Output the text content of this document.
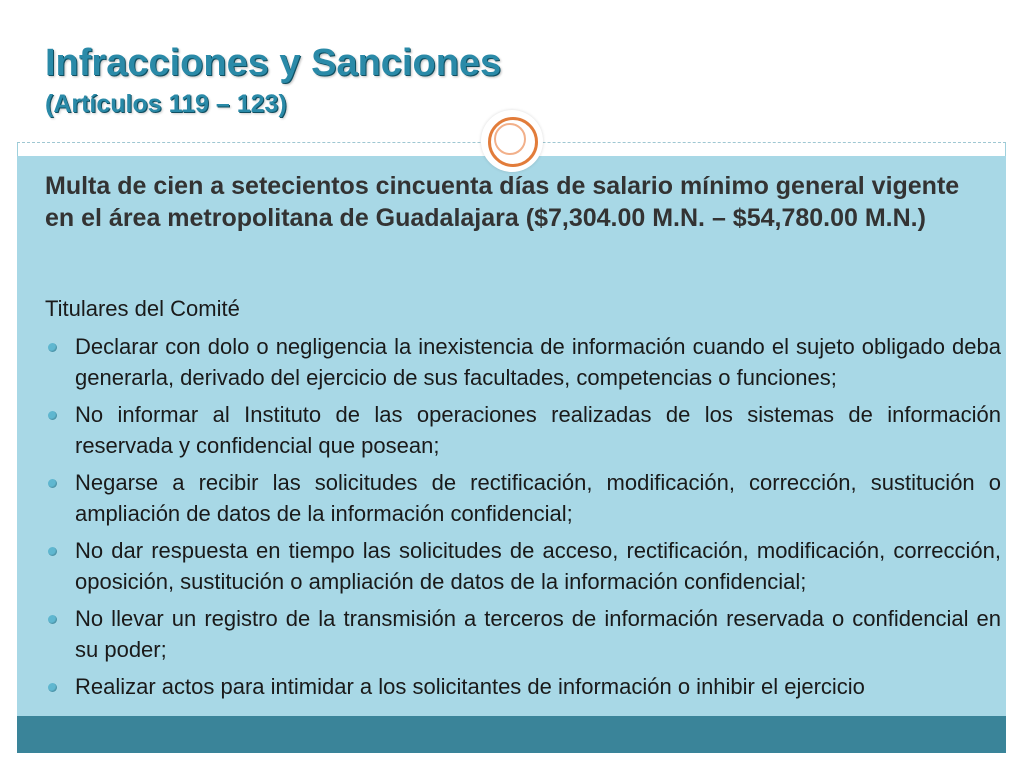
Infracciones y Sanciones
(Artículos 119 – 123)

Multa de cien a setecientos cincuenta días de salario mínimo general vigente en el área metropolitana de Guadalajara ($7,304.00 M.N. – $54,780.00 M.N.)

Titulares del Comité

Declarar con dolo o negligencia la inexistencia de información cuando el sujeto obligado deba generarla, derivado del ejercicio de sus facultades, competencias o funciones;
No informar al Instituto de las operaciones realizadas de los sistemas de información reservada y confidencial que posean;
Negarse a recibir las solicitudes de rectificación, modificación, corrección, sustitución o ampliación de datos de la información confidencial;
No dar respuesta en tiempo las solicitudes de acceso, rectificación, modificación, corrección, oposición, sustitución o ampliación de datos de la información confidencial;
No llevar un registro de la transmisión a terceros de información reservada o confidencial en su poder;
Realizar actos para intimidar a los solicitantes de información o inhibir el ejercicio
